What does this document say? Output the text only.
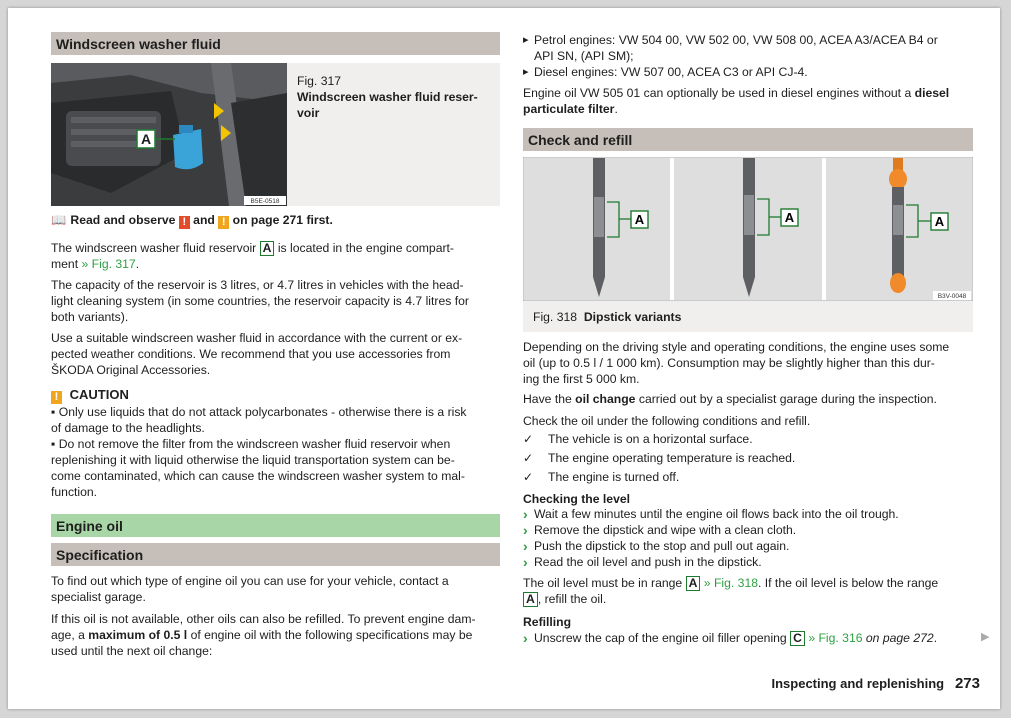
Windscreen washer fluid
A
B5E-0518
Fig. 317
Windscreen washer fluid reser-
voir
📖 Read and observe ! and ! on page 271 first.
The windscreen washer fluid reservoir A is located in the engine compart-
ment » Fig. 317.
The capacity of the reservoir is 3 litres, or 4.7 litres in vehicles with the head-
light cleaning system (in some countries, the reservoir capacity is 4.7 litres for
both variants).
Use a suitable windscreen washer fluid in accordance with the current or ex-
pected weather conditions. We recommend that you use accessories from
ŠKODA Original Accessories.
! CAUTION
▪ Only use liquids that do not attack polycarbonates - otherwise there is a risk
of damage to the headlights.
▪ Do not remove the filter from the windscreen washer fluid reservoir when
replenishing it with liquid otherwise the liquid transportation system can be-
come contaminated, which can cause the windscreen washer system to mal-
function.
Engine oil
Specification
To find out which type of engine oil you can use for your vehicle, contact a
specialist garage.
If this oil is not available, other oils can also be refilled. To prevent engine dam-
age, a maximum of 0.5 l of engine oil with the following specifications may be
used until the next oil change:
▸ Petrol engines: VW 504 00, VW 502 00, VW 508 00, ACEA A3/ACEA B4 or
API SN, (API SM);
▸ Diesel engines: VW 507 00, ACEA C3 or API CJ-4.
Engine oil VW 505 01 can optionally be used in diesel engines without a diesel
particulate filter.
Check and refill
A	A	A
B3V-0048
Fig. 318 Dipstick variants
Depending on the driving style and operating conditions, the engine uses some
oil (up to 0.5 l / 1 000 km). Consumption may be slightly higher than this dur-
ing the first 5 000 km.
Have the oil change carried out by a specialist garage during the inspection.
Check the oil under the following conditions and refill.
✓ The vehicle is on a horizontal surface.
✓ The engine operating temperature is reached.
✓ The engine is turned off.
Checking the level
› Wait a few minutes until the engine oil flows back into the oil trough.
› Remove the dipstick and wipe with a clean cloth.
› Push the dipstick to the stop and pull out again.
› Read the oil level and push in the dipstick.
The oil level must be in range A » Fig. 318. If the oil level is below the range
A , refill the oil.
Refilling
› Unscrew the cap of the engine oil filler opening C » Fig. 316 on page 272.	▶
Inspecting and replenishing 273
